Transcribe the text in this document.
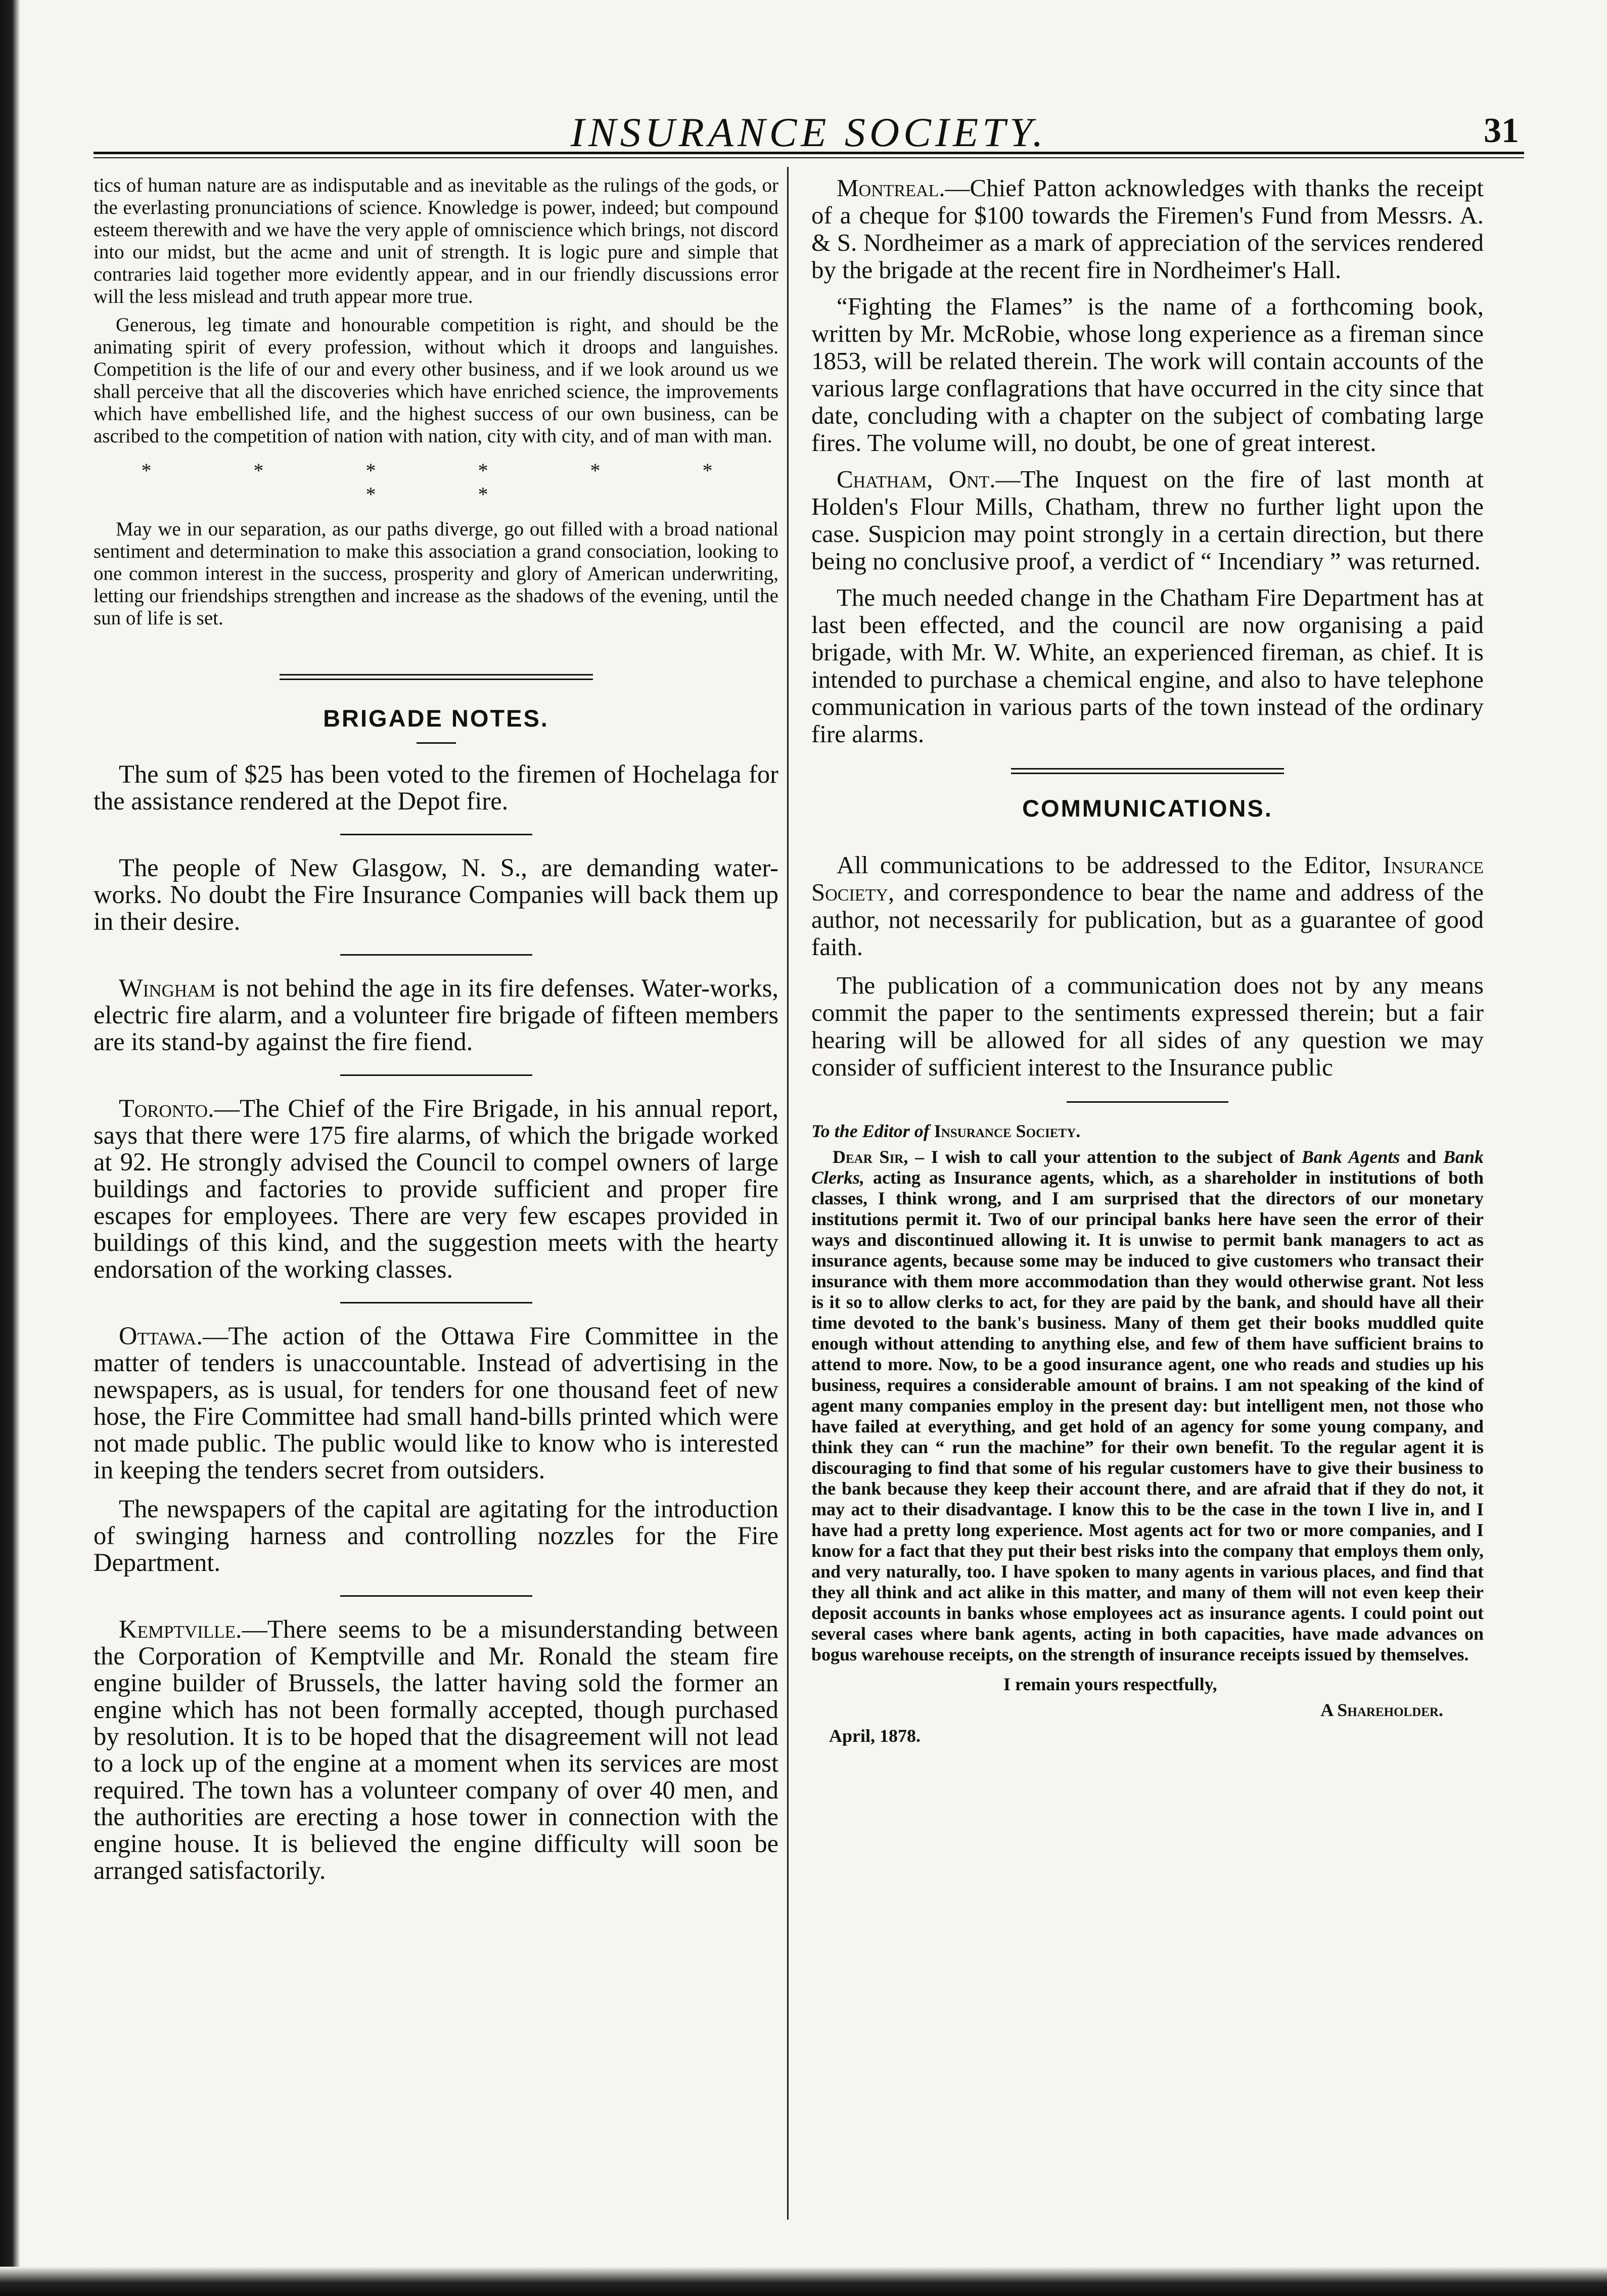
INSURANCE SOCIETY.	31

tics of human nature are as indisputable and as inevitable as the rulings of the gods, or the everlasting pronunciations of science. Knowledge is power, indeed; but compound esteem therewith and we have the very apple of omniscience which brings, not discord into our midst, but the acme and unit of strength. It is logic pure and simple that contraries laid together more evidently appear, and in our friendly discussions error will the less mislead and truth appear more true.

Generous, leg timate and honourable competition is right, and should be the animating spirit of every profession, without which it droops and languishes. Competition is the life of our and every other business, and if we look around us we shall perceive that all the discoveries which have enriched science, the improvements which have embellished life, and the highest success of our own business, can be ascribed to the competition of nation with nation, city with city, and of man with man.

* * * * * * * *

May we in our separation, as our paths diverge, go out filled with a broad national sentiment and determination to make this association a grand consociation, looking to one common interest in the success, prosperity and glory of American underwriting, letting our friendships strengthen and increase as the shadows of the evening, until the sun of life is set.

BRIGADE NOTES.

The sum of $25 has been voted to the firemen of Hochelaga for the assistance rendered at the Depot fire.

The people of New Glasgow, N. S., are demanding water-works. No doubt the Fire Insurance Companies will back them up in their desire.

Wingham is not behind the age in its fire defenses. Water-works, electric fire alarm, and a volunteer fire brigade of fifteen members are its stand-by against the fire fiend.

Toronto.—The Chief of the Fire Brigade, in his annual report, says that there were 175 fire alarms, of which the brigade worked at 92. He strongly advised the Council to compel owners of large buildings and factories to provide sufficient and proper fire escapes for employees. There are very few escapes provided in buildings of this kind, and the suggestion meets with the hearty endorsation of the working classes.

Ottawa.—The action of the Ottawa Fire Committee in the matter of tenders is unaccountable. Instead of advertising in the newspapers, as is usual, for tenders for one thousand feet of new hose, the Fire Committee had small hand-bills printed which were not made public. The public would like to know who is interested in keeping the tenders secret from outsiders.

The newspapers of the capital are agitating for the introduction of swinging harness and controlling nozzles for the Fire Department.

Kemptville.—There seems to be a misunderstanding between the Corporation of Kemptville and Mr. Ronald the steam fire engine builder of Brussels, the latter having sold the former an engine which has not been formally accepted, though purchased by resolution. It is to be hoped that the disagreement will not lead to a lock up of the engine at a moment when its services are most required. The town has a volunteer company of over 40 men, and the authorities are erecting a hose tower in connection with the engine house. It is believed the engine difficulty will soon be arranged satisfactorily.

Montreal.—Chief Patton acknowledges with thanks the receipt of a cheque for $100 towards the Firemen's Fund from Messrs. A. & S. Nordheimer as a mark of appreciation of the services rendered by the brigade at the recent fire in Nordheimer's Hall.

“Fighting the Flames” is the name of a forthcoming book, written by Mr. McRobie, whose long experience as a fireman since 1853, will be related therein. The work will contain accounts of the various large conflagrations that have occurred in the city since that date, concluding with a chapter on the subject of combating large fires. The volume will, no doubt, be one of great interest.

Chatham, Ont.—The Inquest on the fire of last month at Holden's Flour Mills, Chatham, threw no further light upon the case. Suspicion may point strongly in a certain direction, but there being no conclusive proof, a verdict of “ Incendiary ” was returned.

The much needed change in the Chatham Fire Department has at last been effected, and the council are now organising a paid brigade, with Mr. W. White, an experienced fireman, as chief. It is intended to purchase a chemical engine, and also to have telephone communication in various parts of the town instead of the ordinary fire alarms.

COMMUNICATIONS.

All communications to be addressed to the Editor, Insurance Society, and correspondence to bear the name and address of the author, not necessarily for publication, but as a guarantee of good faith.

The publication of a communication does not by any means commit the paper to the sentiments expressed therein; but a fair hearing will be allowed for all sides of any question we may consider of sufficient interest to the Insurance public

To the Editor of Insurance Society.

Dear Sir, – I wish to call your attention to the subject of Bank Agents and Bank Clerks, acting as Insurance agents, which, as a shareholder in institutions of both classes, I think wrong, and I am surprised that the directors of our monetary institutions permit it. Two of our principal banks here have seen the error of their ways and discontinued allowing it. It is unwise to permit bank managers to act as insurance agents, because some may be induced to give customers who transact their insurance with them more accommodation than they would otherwise grant. Not less is it so to allow clerks to act, for they are paid by the bank, and should have all their time devoted to the bank's business. Many of them get their books muddled quite enough without attending to anything else, and few of them have sufficient brains to attend to more. Now, to be a good insurance agent, one who reads and studies up his business, requires a considerable amount of brains. I am not speaking of the kind of agent many companies employ in the present day: but intelligent men, not those who have failed at everything, and get hold of an agency for some young company, and think they can “ run the machine” for their own benefit. To the regular agent it is discouraging to find that some of his regular customers have to give their business to the bank because they keep their account there, and are afraid that if they do not, it may act to their disadvantage. I know this to be the case in the town I live in, and I have had a pretty long experience. Most agents act for two or more companies, and I know for a fact that they put their best risks into the company that employs them only, and very naturally, too. I have spoken to many agents in various places, and find that they all think and act alike in this matter, and many of them will not even keep their deposit accounts in banks whose employees act as insurance agents. I could point out several cases where bank agents, acting in both capacities, have made advances on bogus warehouse receipts, on the strength of insurance receipts issued by themselves.

I remain yours respectfully,

A Shareholder.

April, 1878.
